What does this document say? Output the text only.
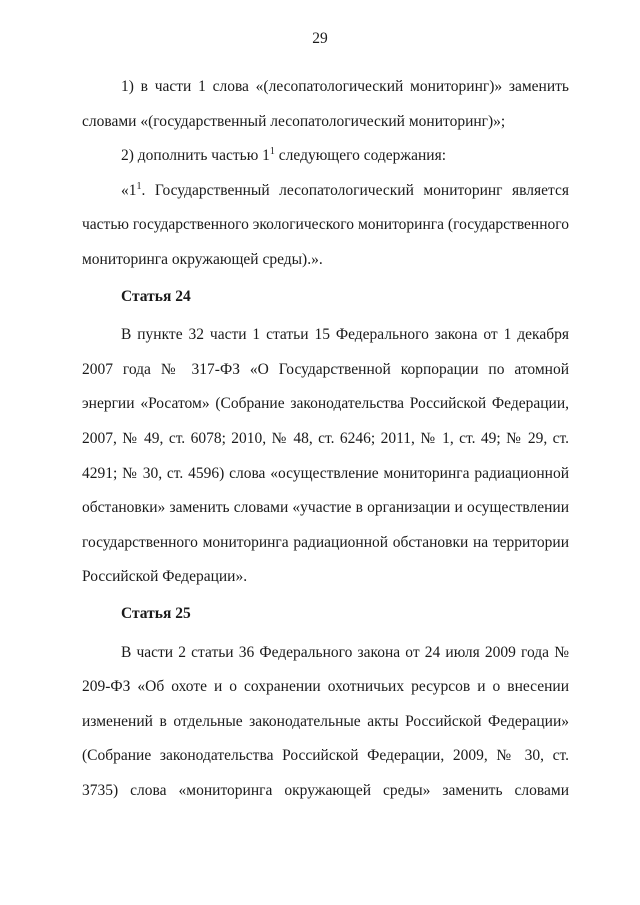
29

1) в части 1 слова «(лесопатологический мониторинг)» заменить словами «(государственный лесопатологический мониторинг)»;

2) дополнить частью $1^1$ следующего содержания:

«$1^1$. Государственный лесопатологический мониторинг является частью государственного экологического мониторинга (государственного мониторинга окружающей среды).».

Статья 24

В пункте 32 части 1 статьи 15 Федерального закона от 1 декабря 2007 года № 317-ФЗ «О Государственной корпорации по атомной энергии «Росатом» (Собрание законодательства Российской Федерации, 2007, № 49, ст. 6078; 2010, № 48, ст. 6246; 2011, № 1, ст. 49; № 29, ст. 4291; № 30, ст. 4596) слова «осуществление мониторинга радиационной обстановки» заменить словами «участие в организации и осуществлении государственного мониторинга радиационной обстановки на территории Российской Федерации».

Статья 25

В части 2 статьи 36 Федерального закона от 24 июля 2009 года № 209-ФЗ «Об охоте и о сохранении охотничьих ресурсов и о внесении изменений в отдельные законодательные акты Российской Федерации» (Собрание законодательства Российской Федерации, 2009, № 30, ст. 3735) слова «мониторинга окружающей среды» заменить словами
